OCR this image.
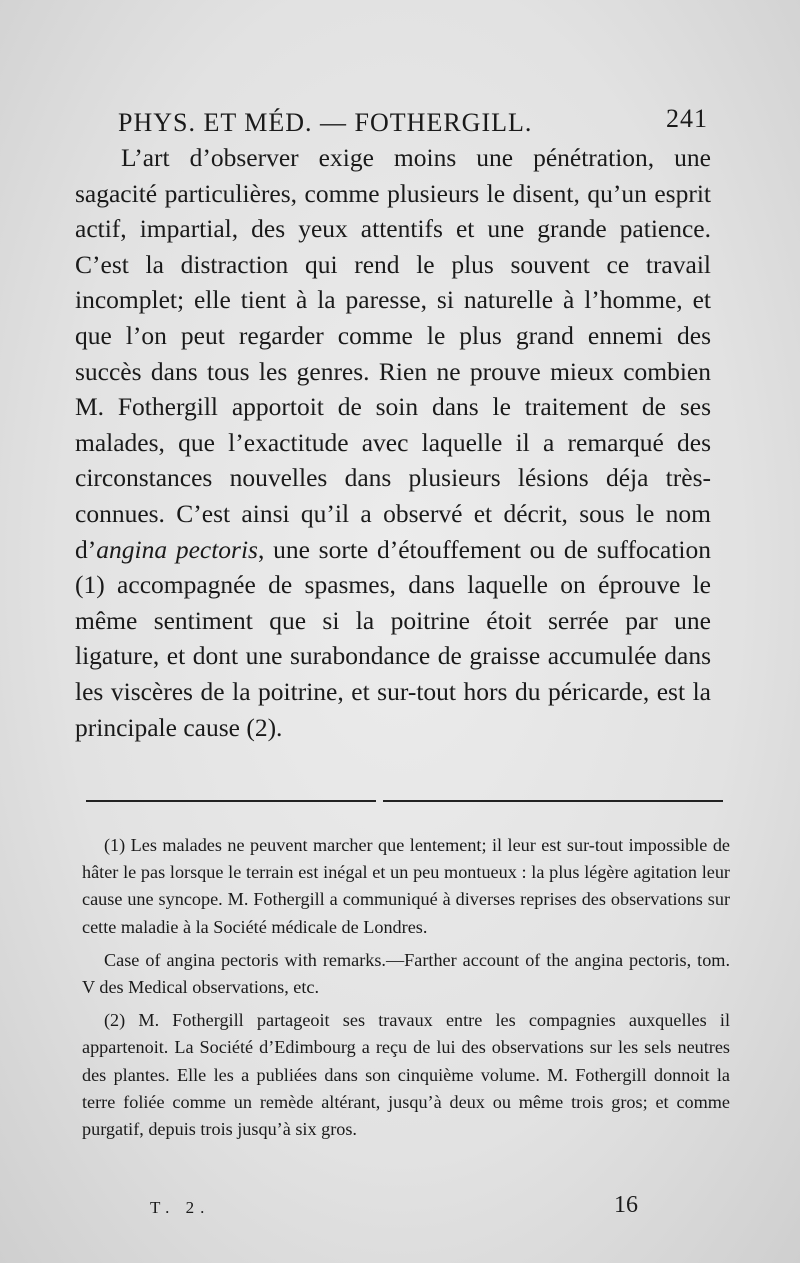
PHYS. ET MÉD. — FOTHERGILL.	241

L’art d’observer exige moins une pénétration, une sagacité particulières, comme plusieurs le disent, qu’un esprit actif, impartial, des yeux attentifs et une grande patience. C’est la distraction qui rend le plus souvent ce travail incomplet; elle tient à la paresse, si naturelle à l’homme, et que l’on peut regarder comme le plus grand ennemi des succès dans tous les genres. Rien ne prouve mieux combien M. Fothergill apportoit de soin dans le traitement de ses malades, que l’exactitude avec laquelle il a remarqué des circonstances nouvelles dans plusieurs lésions déja très-connues. C’est ainsi qu’il a observé et décrit, sous le nom d’angina pectoris, une sorte d’étouffement ou de suffocation (1) accompagnée de spasmes, dans laquelle on éprouve le même sentiment que si la poitrine étoit serrée par une ligature, et dont une surabondance de graisse accumulée dans les viscères de la poitrine, et sur-tout hors du péricarde, est la principale cause (2).

(1) Les malades ne peuvent marcher que lentement; il leur est sur-tout impossible de hâter le pas lorsque le terrain est inégal et un peu montueux : la plus légère agitation leur cause une syncope. M. Fothergill a communiqué à diverses reprises des observations sur cette maladie à la Société médicale de Londres.

Case of angina pectoris with remarks.—Farther account of the angina pectoris, tom. V des Medical observations, etc.

(2) M. Fothergill partageoit ses travaux entre les compagnies auxquelles il appartenoit. La Société d’Edimbourg a reçu de lui des observations sur les sels neutres des plantes. Elle les a publiées dans son cinquième volume. M. Fothergill donnoit la terre foliée comme un remède altérant, jusqu’à deux ou même trois gros; et comme purgatif, depuis trois jusqu’à six gros.

T. 2.	16
